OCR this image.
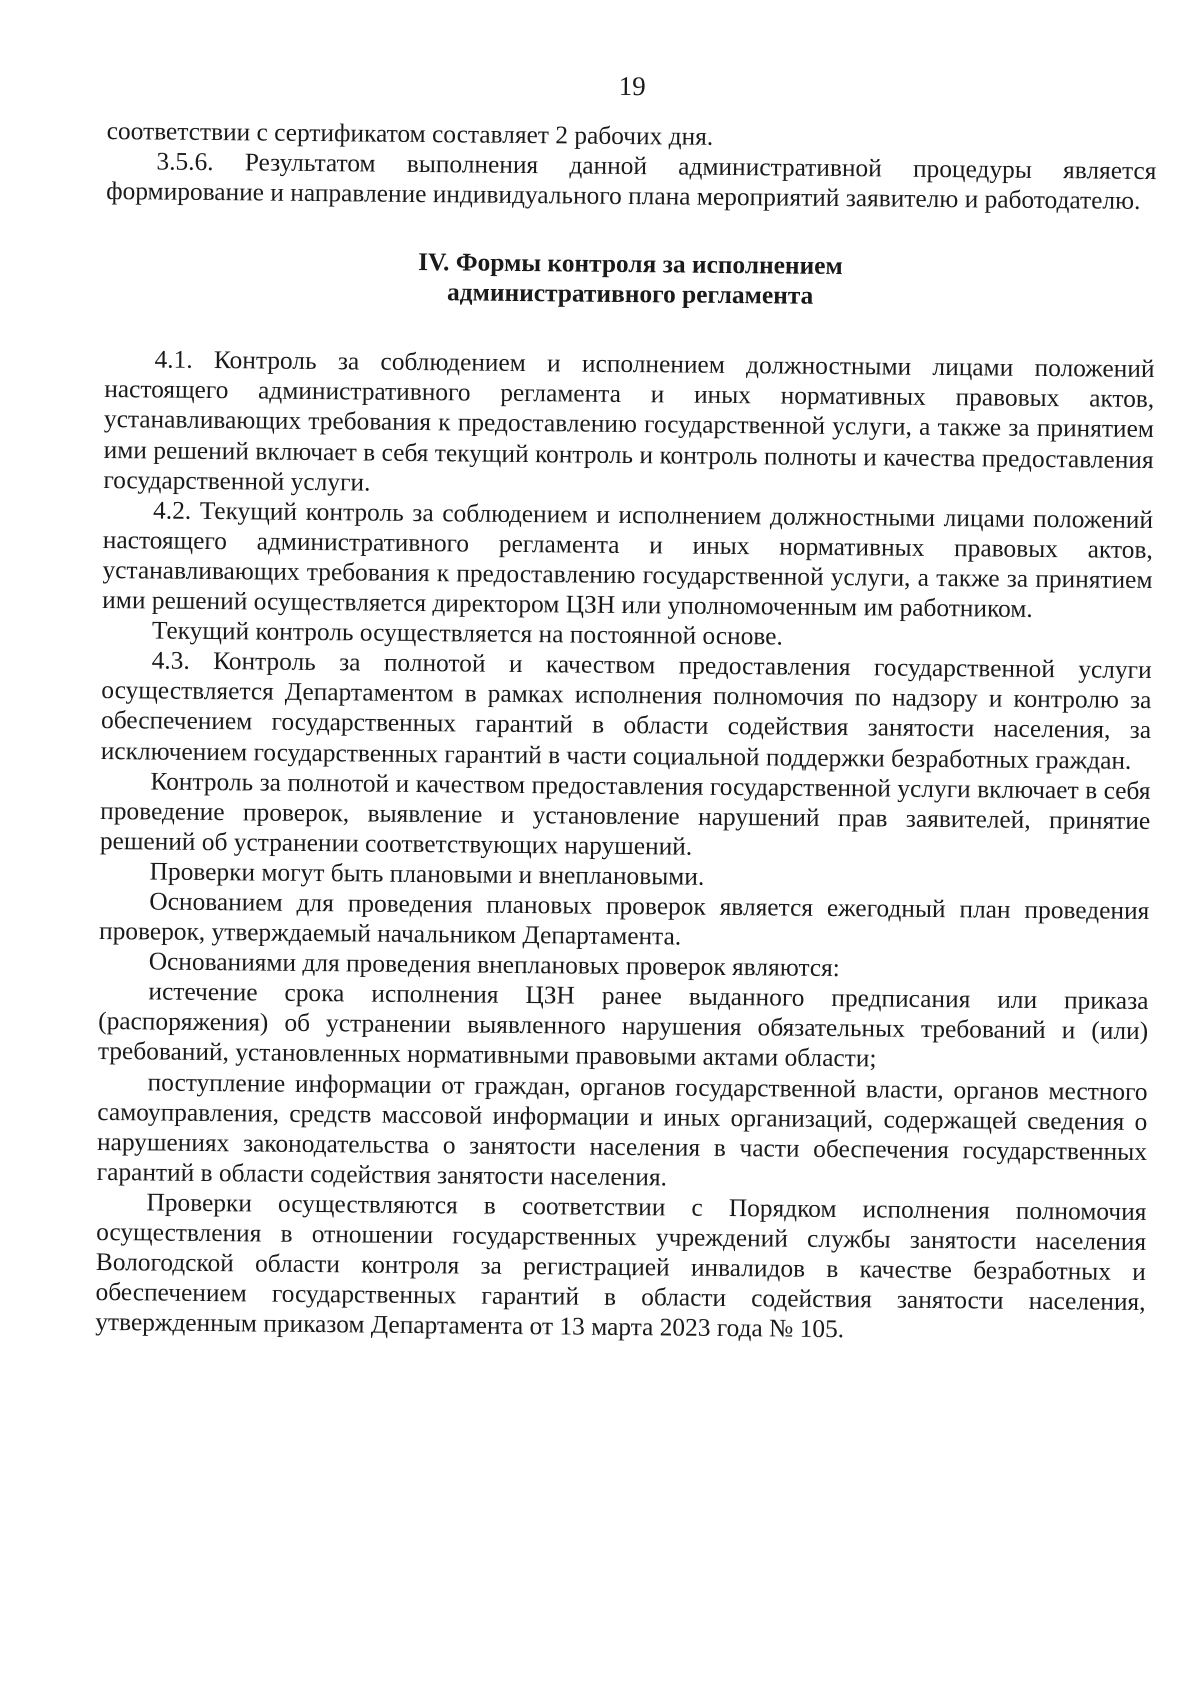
19

соответствии с сертификатом составляет 2 рабочих дня.

3.5.6. Результатом выполнения данной административной процедуры является формирование и направление индивидуального плана мероприятий заявителю и работодателю.

IV. Формы контроля за исполнением
административного регламента

4.1. Контроль за соблюдением и исполнением должностными лицами положений настоящего административного регламента и иных нормативных правовых актов, устанавливающих требования к предоставлению государственной услуги, а также за принятием ими решений включает в себя текущий контроль и контроль полноты и качества предоставления государственной услуги.

4.2. Текущий контроль за соблюдением и исполнением должностными лицами положений настоящего административного регламента и иных нормативных правовых актов, устанавливающих требования к предоставлению государственной услуги, а также за принятием ими решений осуществляется директором ЦЗН или уполномоченным им работником.

Текущий контроль осуществляется на постоянной основе.

4.3. Контроль за полнотой и качеством предоставления государственной услуги осуществляется Департаментом в рамках исполнения полномочия по надзору и контролю за обеспечением государственных гарантий в области содействия занятости населения, за исключением государственных гарантий в части социальной поддержки безработных граждан.

Контроль за полнотой и качеством предоставления государственной услуги включает в себя проведение проверок, выявление и установление нарушений прав заявителей, принятие решений об устранении соответствующих нарушений.

Проверки могут быть плановыми и внеплановыми.

Основанием для проведения плановых проверок является ежегодный план проведения проверок, утверждаемый начальником Департамента.

Основаниями для проведения внеплановых проверок являются:

истечение срока исполнения ЦЗН ранее выданного предписания или приказа (распоряжения) об устранении выявленного нарушения обязательных требований и (или) требований, установленных нормативными правовыми актами области;

поступление информации от граждан, органов государственной власти, органов местного самоуправления, средств массовой информации и иных организаций, содержащей сведения о нарушениях законодательства о занятости населения в части обеспечения государственных гарантий в области содействия занятости населения.

Проверки осуществляются в соответствии с Порядком исполнения полномочия осуществления в отношении государственных учреждений службы занятости населения Вологодской области контроля за регистрацией инвалидов в качестве безработных и обеспечением государственных гарантий в области содействия занятости населения, утвержденным приказом Департамента от 13 марта 2023 года № 105.
